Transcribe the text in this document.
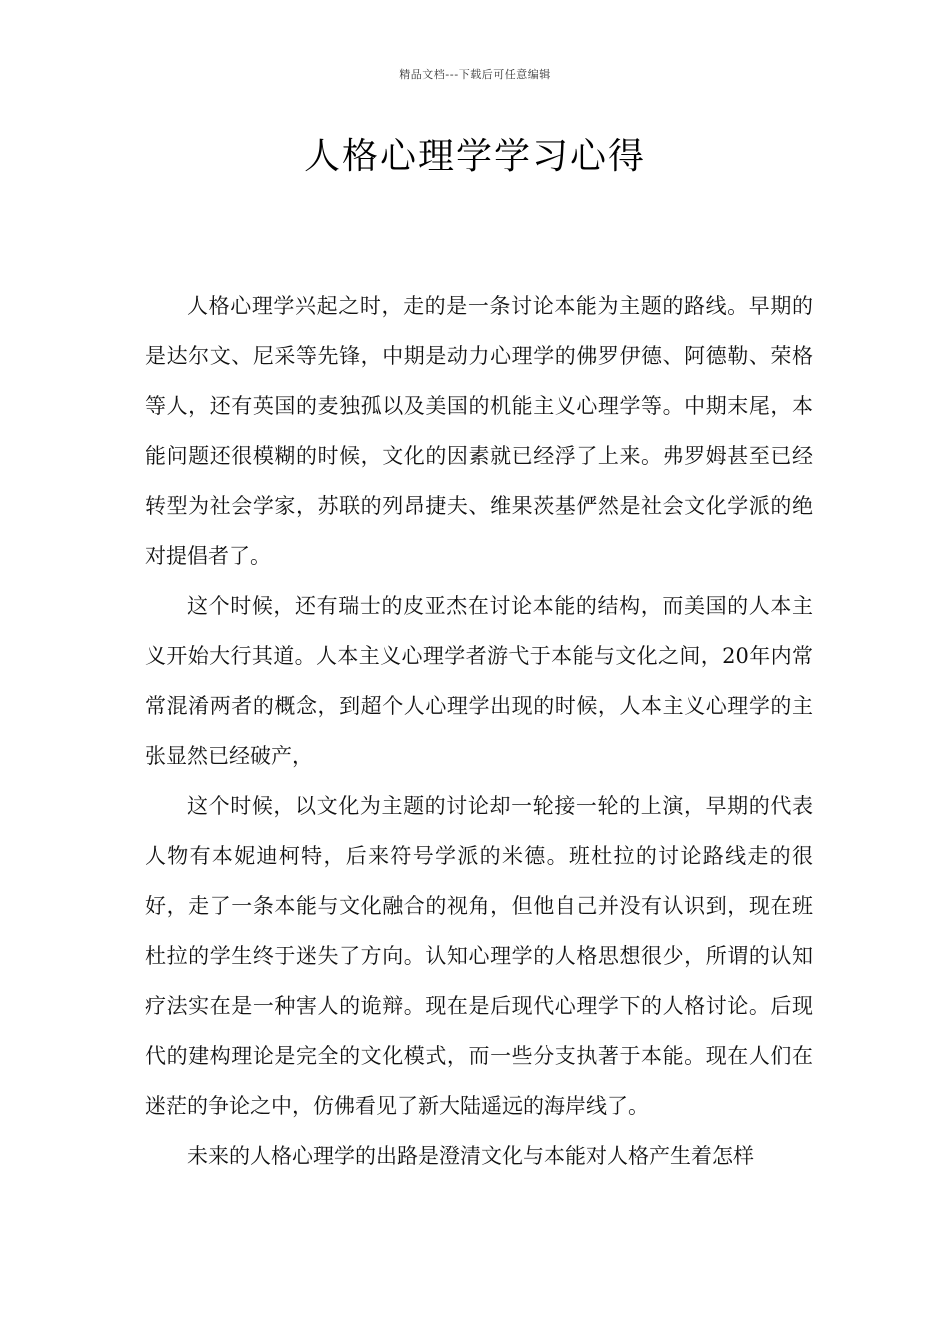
精品文档---下载后可任意编辑
人格心理学学习心得

人格心理学兴起之时，走的是一条讨论本能为主题的路线。早期的是达尔文、尼采等先锋，中期是动力心理学的佛罗伊德、阿德勒、荣格等人，还有英国的麦独孤以及美国的机能主义心理学等。中期末尾，本能问题还很模糊的时候，文化的因素就已经浮了上来。弗罗姆甚至已经转型为社会学家，苏联的列昂捷夫、维果茨基俨然是社会文化学派的绝对提倡者了。

这个时候，还有瑞士的皮亚杰在讨论本能的结构，而美国的人本主义开始大行其道。人本主义心理学者游弋于本能与文化之间，20年内常常混淆两者的概念，到超个人心理学出现的时候，人本主义心理学的主张显然已经破产，

这个时候，以文化为主题的讨论却一轮接一轮的上演，早期的代表人物有本妮迪柯特，后来符号学派的米德。班杜拉的讨论路线走的很好，走了一条本能与文化融合的视角，但他自己并没有认识到，现在班杜拉的学生终于迷失了方向。认知心理学的人格思想很少，所谓的认知疗法实在是一种害人的诡辩。现在是后现代心理学下的人格讨论。后现代的建构理论是完全的文化模式，而一些分支执著于本能。现在人们在迷茫的争论之中，仿佛看见了新大陆遥远的海岸线了。

未来的人格心理学的出路是澄清文化与本能对人格产生着怎样
